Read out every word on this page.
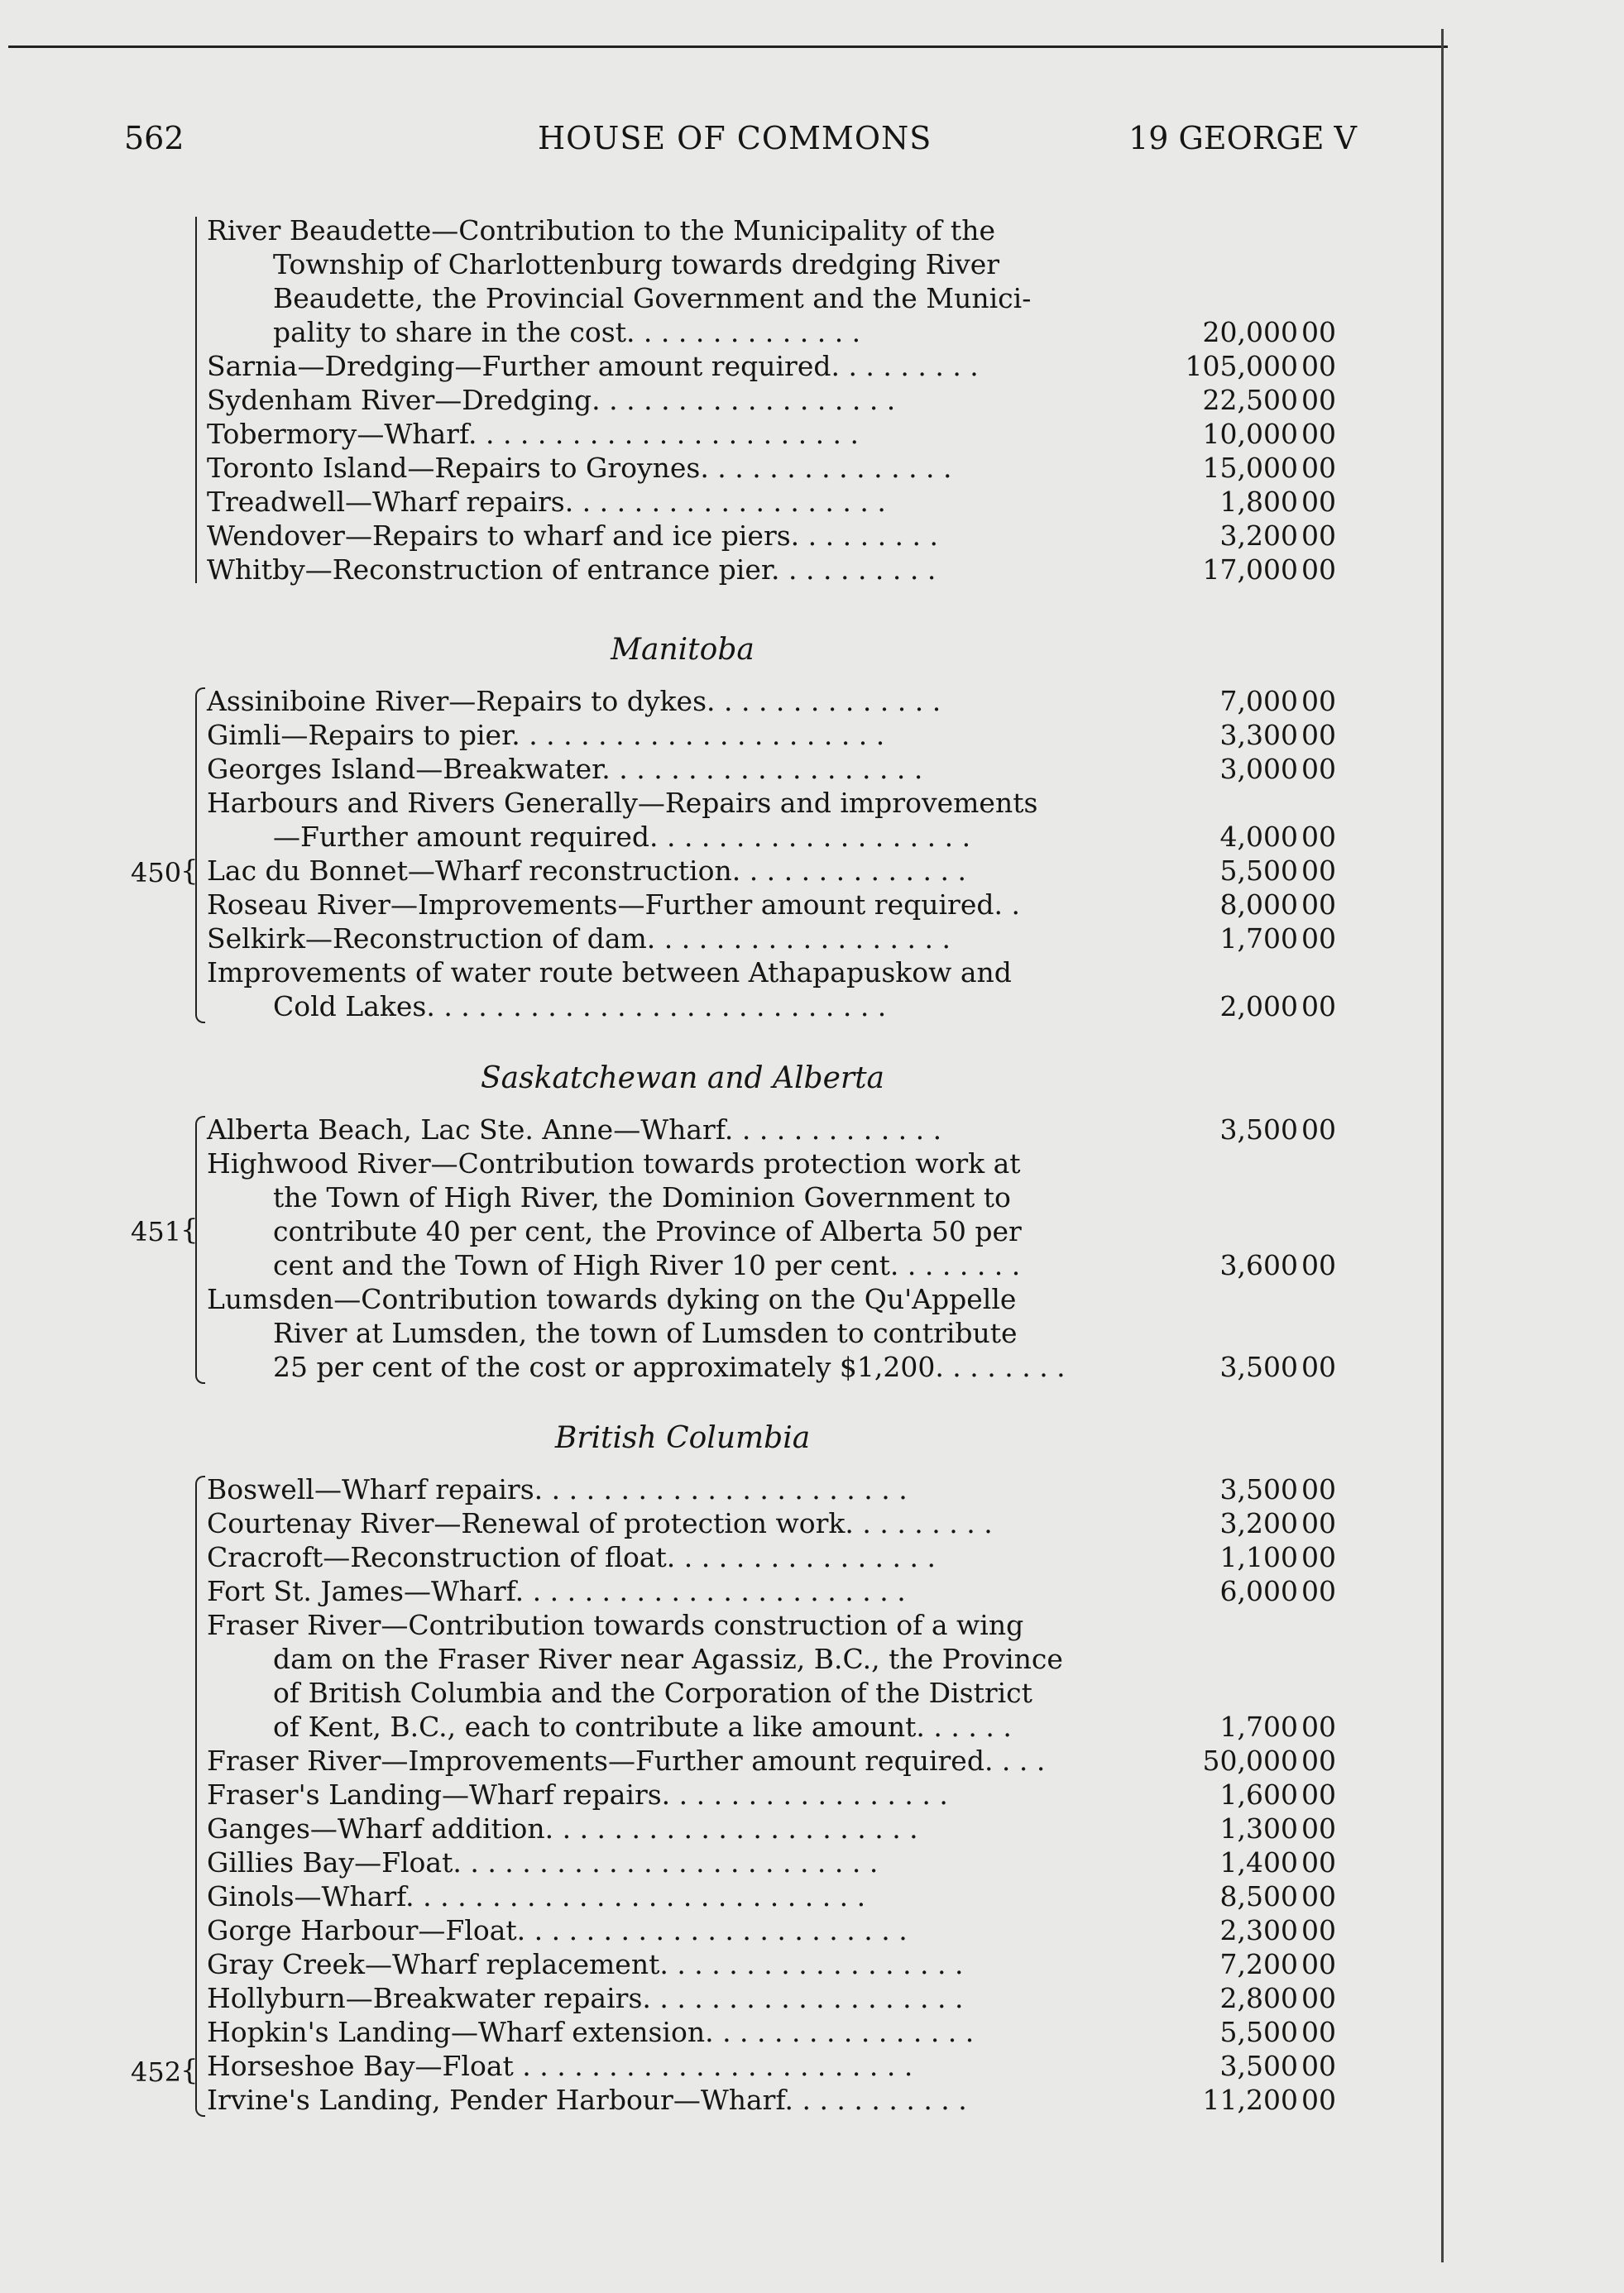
562	HOUSE OF COMMONS	19 GEORGE V
River Beaudette—Contribution to the Municipality of the
Township of Charlottenburg towards dredging River
Beaudette, the Provincial Government and the Munici-
pality to share in the cost. . . . . . . . . . . . . .	20,000 00
Sarnia—Dredging—Further amount required. . . . . . . . .	105,000 00
Sydenham River—Dredging. . . . . . . . . . . . . . . . . .	22,500 00
Tobermory—Wharf. . . . . . . . . . . . . . . . . . . . . . .	10,000 00
Toronto Island—Repairs to Groynes. . . . . . . . . . . . . . .	15,000 00
Treadwell—Wharf repairs. . . . . . . . . . . . . . . . . . .	1,800 00
Wendover—Repairs to wharf and ice piers. . . . . . . . .	3,200 00
Whitby—Reconstruction of entrance pier. . . . . . . . . .	17,000 00
Manitoba
Assiniboine River—Repairs to dykes. . . . . . . . . . . . . .	7,000 00
Gimli—Repairs to pier. . . . . . . . . . . . . . . . . . . . . .	3,300 00
Georges Island—Breakwater. . . . . . . . . . . . . . . . . . .	3,000 00
Harbours and Rivers Generally—Repairs and improvements
—Further amount required. . . . . . . . . . . . . . . . . . .	4,000 00
Lac du Bonnet—Wharf reconstruction. . . . . . . . . . . . . .	5,500 00
Roseau River—Improvements—Further amount required. .	8,000 00
Selkirk—Reconstruction of dam. . . . . . . . . . . . . . . . . .	1,700 00
Improvements of water route between Athapapuskow and
Cold Lakes. . . . . . . . . . . . . . . . . . . . . . . . . . .	2,000 00
450
{
Saskatchewan and Alberta
Alberta Beach, Lac Ste. Anne—Wharf. . . . . . . . . . . . .	3,500 00
Highwood River—Contribution towards protection work at
the Town of High River, the Dominion Government to
contribute 40 per cent, the Province of Alberta 50 per
cent and the Town of High River 10 per cent. . . . . . . .	3,600 00
Lumsden—Contribution towards dyking on the Qu'Appelle
River at Lumsden, the town of Lumsden to contribute
25 per cent of the cost or approximately $1,200. . . . . . . .	3,500 00
451
{
British Columbia
Boswell—Wharf repairs. . . . . . . . . . . . . . . . . . . . . .	3,500 00
Courtenay River—Renewal of protection work. . . . . . . . .	3,200 00
Cracroft—Reconstruction of float. . . . . . . . . . . . . . . .	1,100 00
Fort St. James—Wharf. . . . . . . . . . . . . . . . . . . . . . .	6,000 00
Fraser River—Contribution towards construction of a wing
dam on the Fraser River near Agassiz, B.C., the Province
of British Columbia and the Corporation of the District
of Kent, B.C., each to contribute a like amount. . . . . .	1,700 00
Fraser River—Improvements—Further amount required. . . .	50,000 00
Fraser's Landing—Wharf repairs. . . . . . . . . . . . . . . . .	1,600 00
Ganges—Wharf addition. . . . . . . . . . . . . . . . . . . . . .	1,300 00
Gillies Bay—Float. . . . . . . . . . . . . . . . . . . . . . . . .	1,400 00
Ginols—Wharf. . . . . . . . . . . . . . . . . . . . . . . . . . .	8,500 00
Gorge Harbour—Float. . . . . . . . . . . . . . . . . . . . . . .	2,300 00
Gray Creek—Wharf replacement. . . . . . . . . . . . . . . . . .	7,200 00
Hollyburn—Breakwater repairs. . . . . . . . . . . . . . . . . . .	2,800 00
Hopkin's Landing—Wharf extension. . . . . . . . . . . . . . . .	5,500 00
Horseshoe Bay—Float . . . . . . . . . . . . . . . . . . . . . . .	3,500 00
Irvine's Landing, Pender Harbour—Wharf. . . . . . . . . . .	11,200 00
452
{
